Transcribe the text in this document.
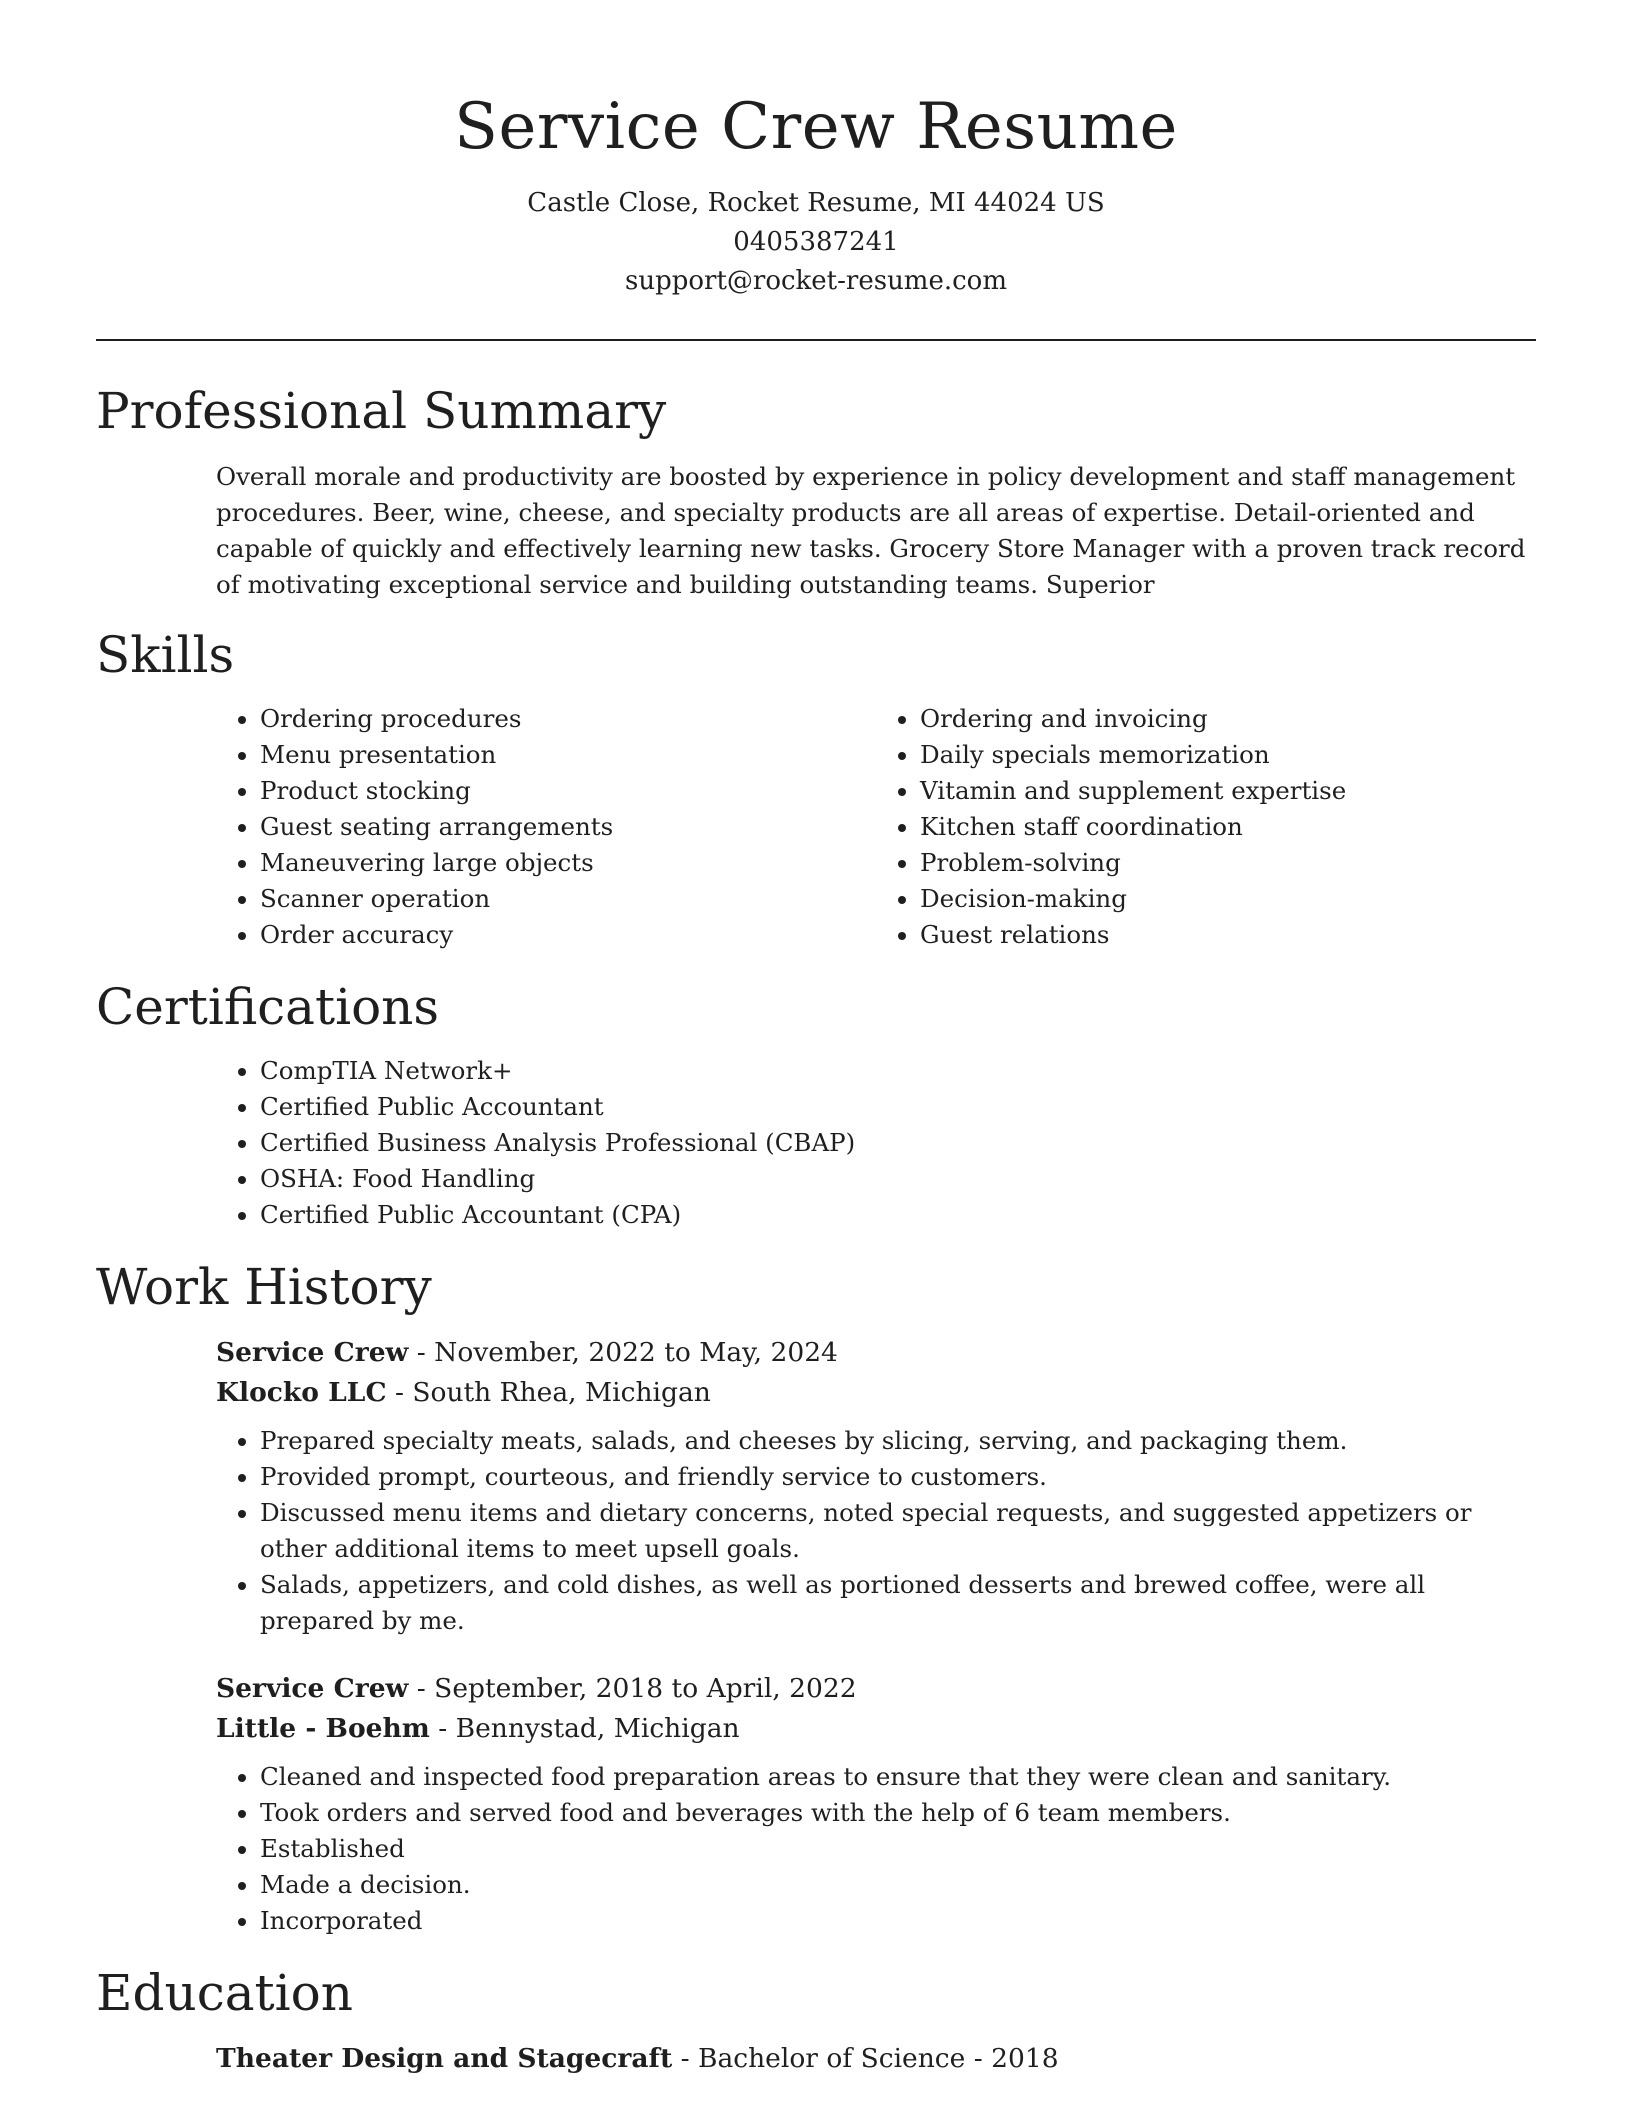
Service Crew Resume
Castle Close, Rocket Resume, MI 44024 US
0405387241
support@rocket-resume.com
Professional Summary

Overall morale and productivity are boosted by experience in policy development and staff management procedures. Beer, wine, cheese, and specialty products are all areas of expertise. Detail-oriented and capable of quickly and effectively learning new tasks. Grocery Store Manager with a proven track record of motivating exceptional service and building outstanding teams. Superior

Skills
• Ordering procedures
• Menu presentation
• Product stocking
• Guest seating arrangements
• Maneuvering large objects
• Scanner operation
• Order accuracy
• Ordering and invoicing
• Daily specials memorization
• Vitamin and supplement expertise
• Kitchen staff coordination
• Problem-solving
• Decision-making
• Guest relations
Certifications
• CompTIA Network+
• Certified Public Accountant
• Certified Business Analysis Professional (CBAP)
• OSHA: Food Handling
• Certified Public Accountant (CPA)
Work History
Service Crew - November, 2022 to May, 2024
Klocko LLC - South Rhea, Michigan
• Prepared specialty meats, salads, and cheeses by slicing, serving, and packaging them.
• Provided prompt, courteous, and friendly service to customers.
• Discussed menu items and dietary concerns, noted special requests, and suggested appetizers or other additional items to meet upsell goals.
• Salads, appetizers, and cold dishes, as well as portioned desserts and brewed coffee, were all prepared by me.
Service Crew - September, 2018 to April, 2022
Little - Boehm - Bennystad, Michigan
• Cleaned and inspected food preparation areas to ensure that they were clean and sanitary.
• Took orders and served food and beverages with the help of 6 team members.
• Established
• Made a decision.
• Incorporated
Education
Theater Design and Stagecraft - Bachelor of Science - 2018
